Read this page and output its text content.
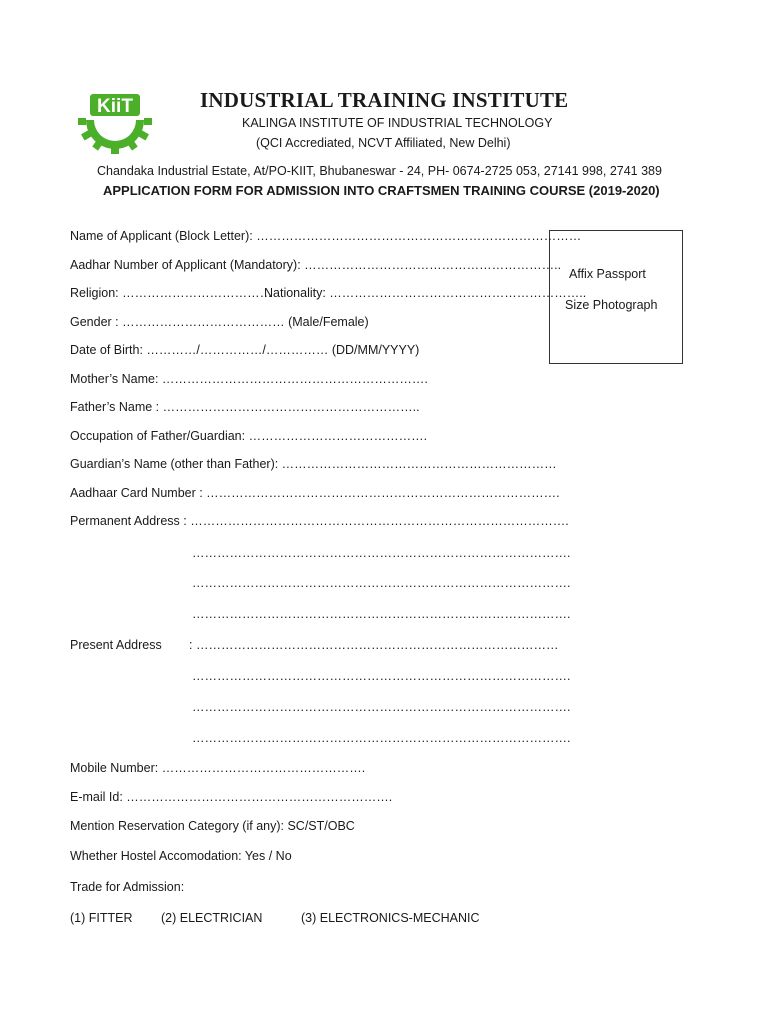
KiiT	INDUSTRIAL TRAINING INSTITUTE
KALINGA INSTITUTE OF INDUSTRIAL TECHNOLOGY
(QCI Accrediated, NCVT Affiliated, New Delhi)
Chandaka Industrial Estate, At/PO-KIIT, Bhubaneswar - 24, PH- 0674-2725 053, 27141 998, 2741 389
APPLICATION FORM FOR ADMISSION INTO CRAFTSMEN TRAINING COURSE (2019-2020)
Affix Passport
Size Photograph
Name of Applicant (Block Letter): ……………………………………………………………………
Aadhar Number of Applicant (Mandatory): ……………………………………………………..
Religion: ………………………………
Nationality: ……………………………………………………..
Gender : ………………………………… (Male/Female)
Date of Birth: …………/……………/…………… (DD/MM/YYYY)
Mother’s Name: ……………………………………………………….
Father’s Name : ……………………………………………………..
Occupation of Father/Guardian: …………………………………….
Guardian’s Name (other than Father): …………………………………………………………
Aadhaar Card Number : ………………………………………………………………………….
Permanent Address : ……………………………………………………………………………….
……………………………………………………………………………….
……………………………………………………………………………….
……………………………………………………………………………….
Present Address : ……………………………………………………………………………
……………………………………………………………………………….
……………………………………………………………………………….
……………………………………………………………………………….
Mobile Number: ………………………………………….
E-mail Id: ……………………………………………………….
Mention Reservation Category (if any): SC/ST/OBC
Whether Hostel Accomodation: Yes / No
Trade for Admission:
(1) FITTER (2) ELECTRICIAN	(3) ELECTRONICS-MECHANIC
